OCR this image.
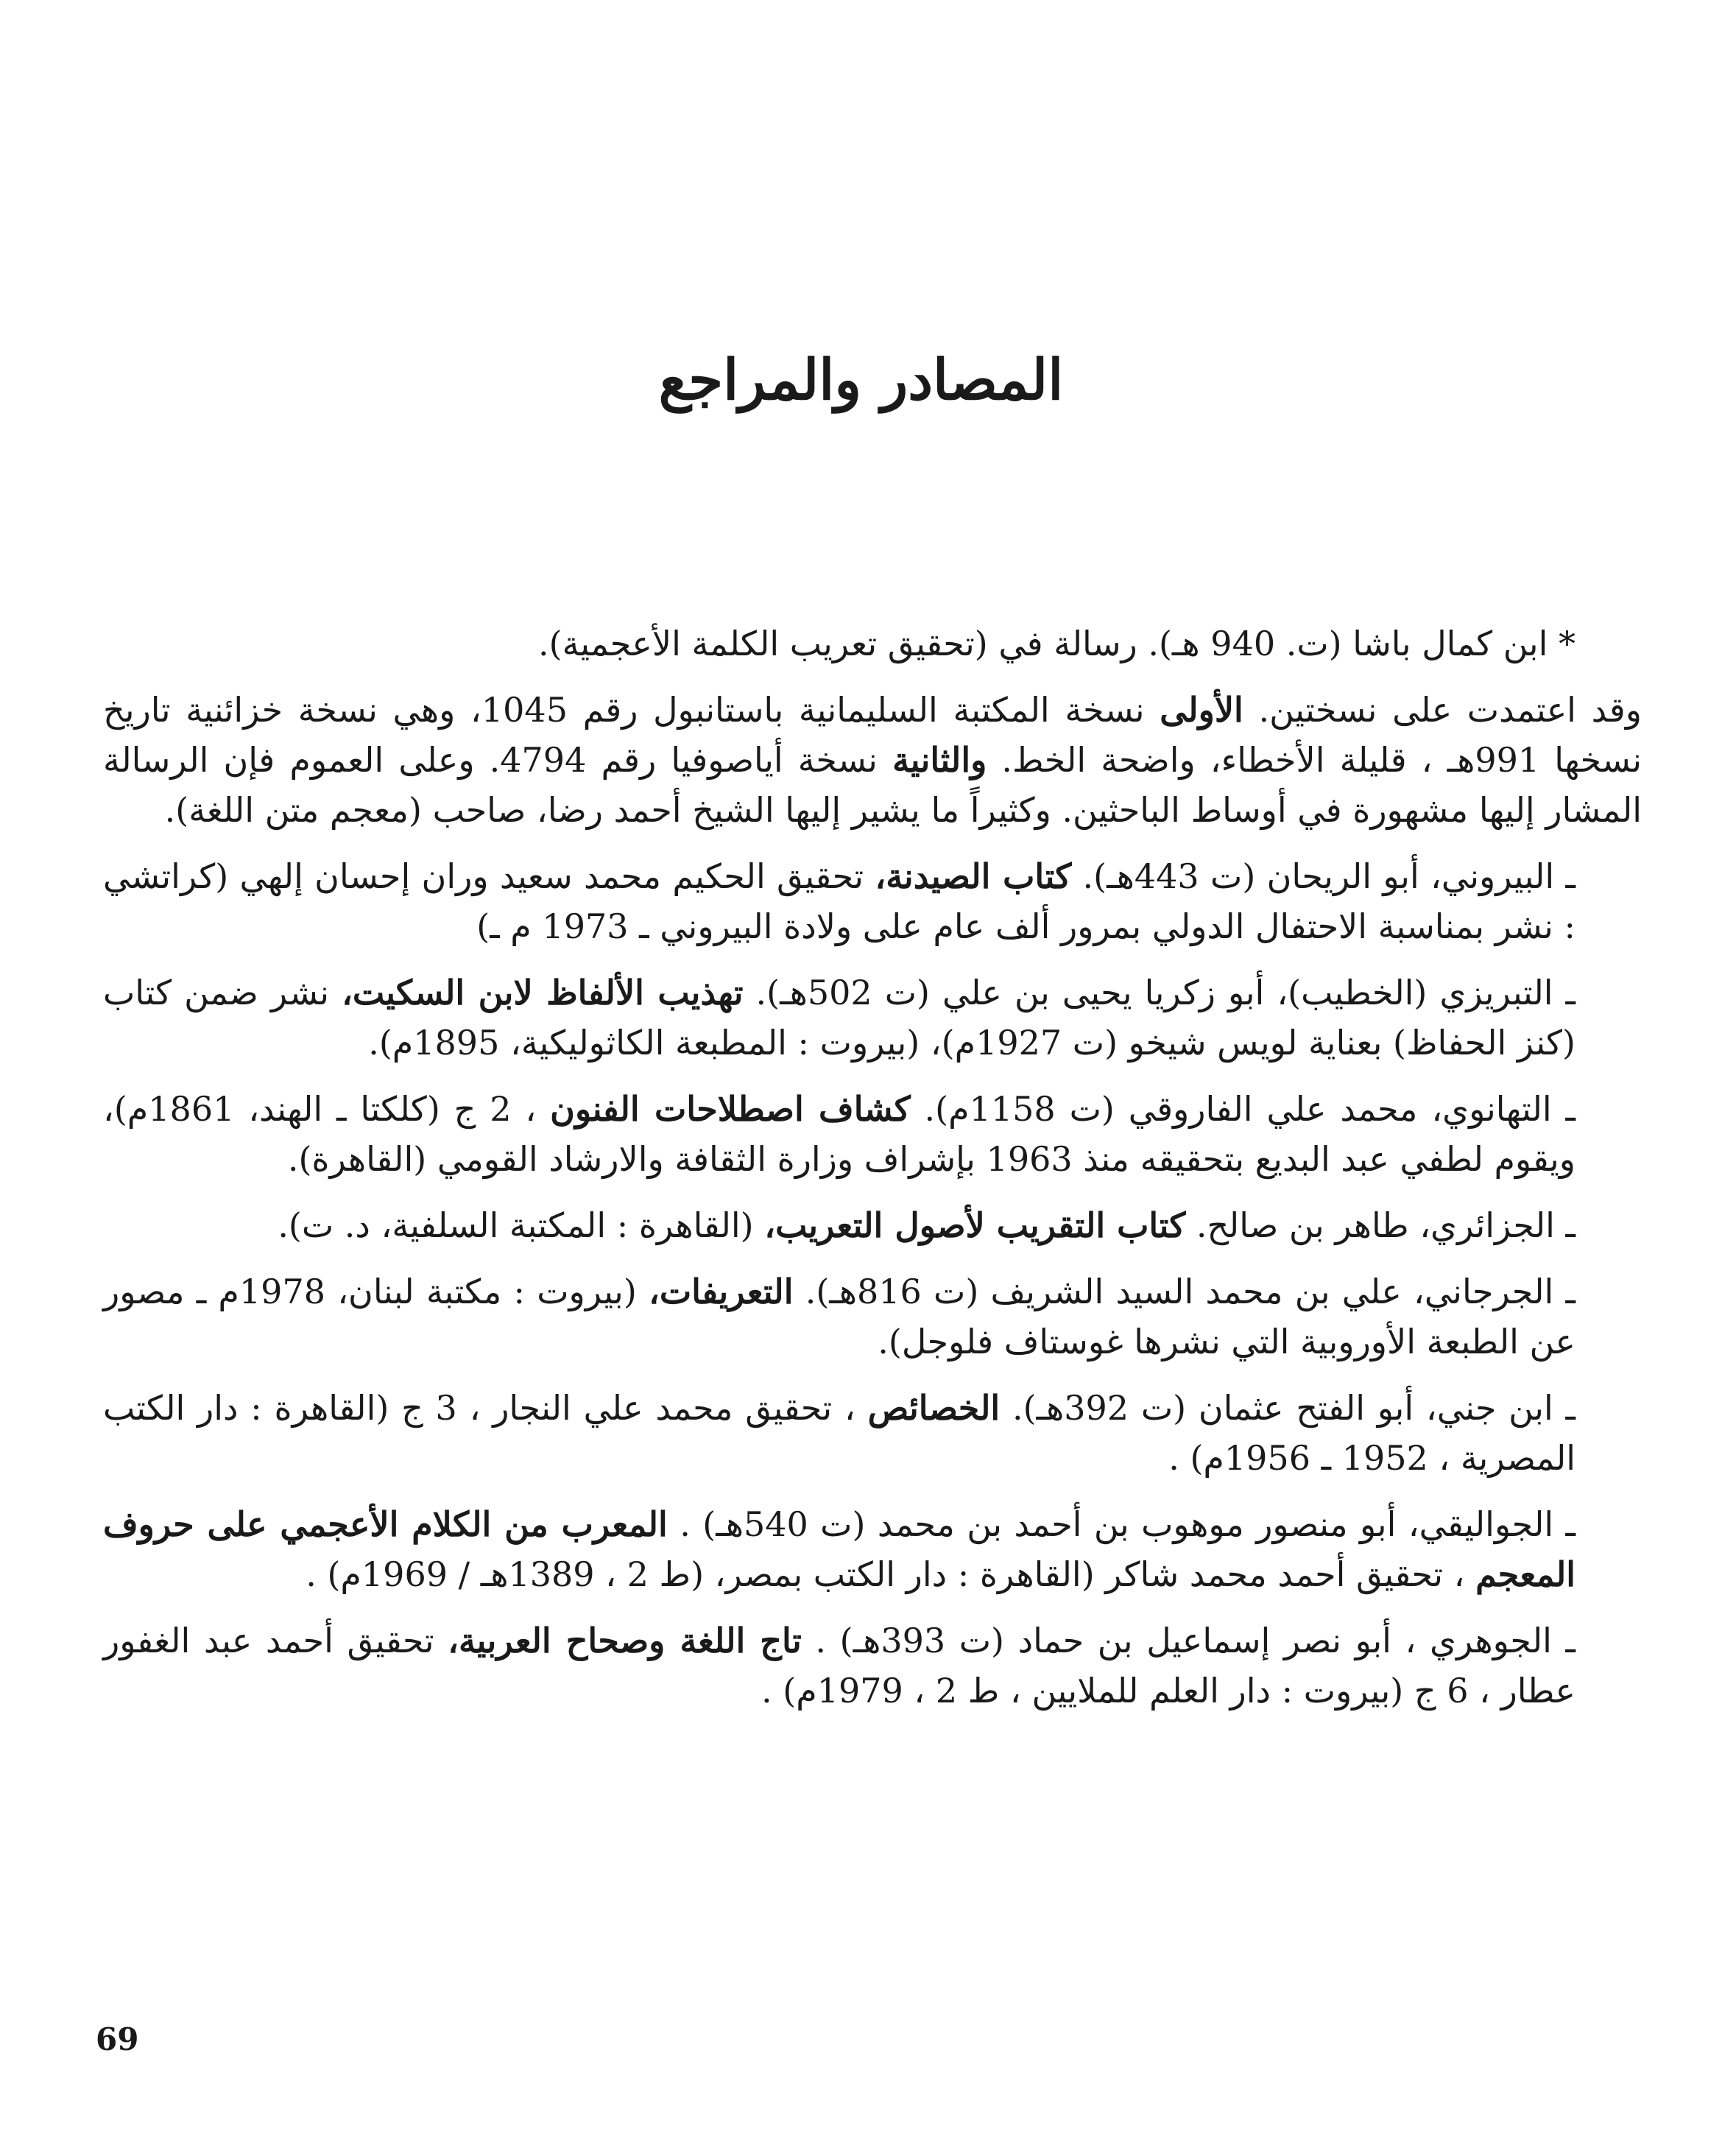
المصادر والمراجع

* ابن كمال باشا (ت. 940 هـ). رسالة في (تحقيق تعريب الكلمة الأعجمية).

وقد اعتمدت على نسختين. الأولى نسخة المكتبة السليمانية باستانبول رقم 1045، وهي نسخة خزائنية تاريخ نسخها 991هـ ، قليلة الأخطاء، واضحة الخط. والثانية نسخة أياصوفيا رقم 4794. وعلى العموم فإن الرسالة المشار إليها مشهورة في أوساط الباحثين. وكثيراً ما يشير إليها الشيخ أحمد رضا، صاحب (معجم متن اللغة).

ـ البيروني، أبو الريحان (ت 443هـ). كتاب الصيدنة، تحقيق الحكيم محمد سعيد وران إحسان إلهي (كراتشي : نشر بمناسبة الاحتفال الدولي بمرور ألف عام على ولادة البيروني ـ 1973 م ـ)

ـ التبريزي (الخطيب)، أبو زكريا يحيى بن علي (ت 502هـ). تهذيب الألفاظ لابن السكيت، نشر ضمن كتاب (كنز الحفاظ) بعناية لويس شيخو (ت 1927م)، (بيروت : المطبعة الكاثوليكية، 1895م).

ـ التهانوي، محمد علي الفاروقي (ت 1158م). كشاف اصطلاحات الفنون ، 2 ج (كلكتا ـ الهند، 1861م)، ويقوم لطفي عبد البديع بتحقيقه منذ 1963 بإشراف وزارة الثقافة والارشاد القومي (القاهرة).

ـ الجزائري، طاهر بن صالح. كتاب التقريب لأصول التعريب، (القاهرة : المكتبة السلفية، د. ت).

ـ الجرجاني، علي بن محمد السيد الشريف (ت 816هـ). التعريفات، (بيروت : مكتبة لبنان، 1978م ـ مصور عن الطبعة الأوروبية التي نشرها غوستاف فلوجل).

ـ ابن جني، أبو الفتح عثمان (ت 392هـ). الخصائص ، تحقيق محمد علي النجار ، 3 ج (القاهرة : دار الكتب المصرية ، 1952 ـ 1956م) .

ـ الجواليقي، أبو منصور موهوب بن أحمد بن محمد (ت 540هـ) . المعرب من الكلام الأعجمي على حروف المعجم ، تحقيق أحمد محمد شاكر (القاهرة : دار الكتب بمصر، (ط 2 ، 1389هـ / 1969م) .

ـ الجوهري ، أبو نصر إسماعيل بن حماد (ت 393هـ) . تاج اللغة وصحاح العربية، تحقيق أحمد عبد الغفور عطار ، 6 ج (بيروت : دار العلم للملايين ، ط 2 ، 1979م) .

69
